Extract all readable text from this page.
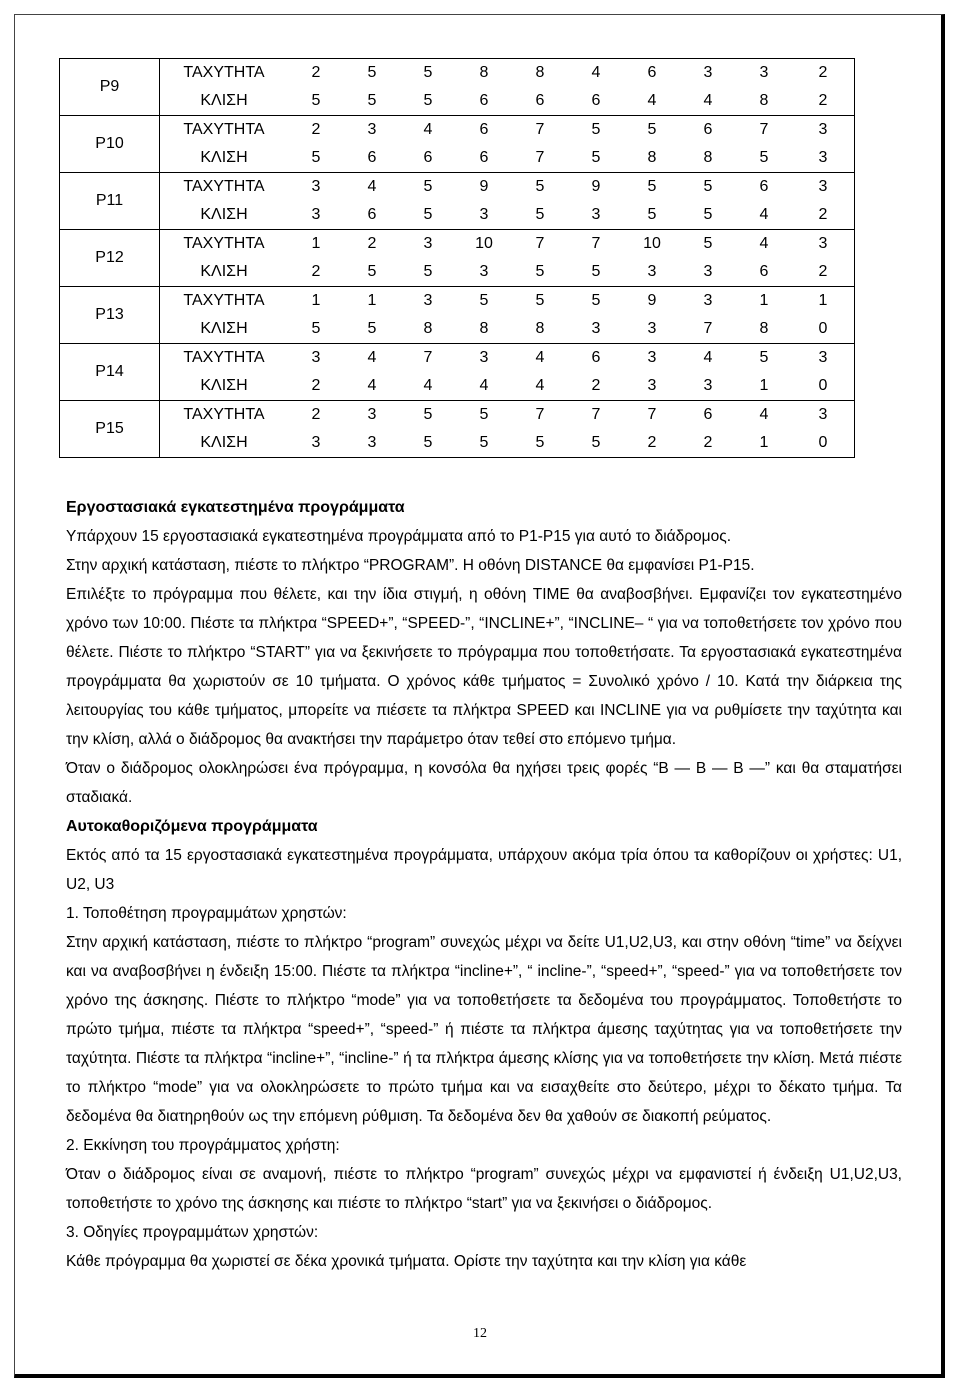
P9	ΤΑΧΥΤΗΤΑ	2	5	5	8	8	4	6	3	3	2
	ΚΛΙΣΗ	5	5	5	6	6	6	4	4	8	2
P10	ΤΑΧΥΤΗΤΑ	2	3	4	6	7	5	5	6	7	3
	ΚΛΙΣΗ	5	6	6	6	7	5	8	8	5	3
P11	ΤΑΧΥΤΗΤΑ	3	4	5	9	5	9	5	5	6	3
	ΚΛΙΣΗ	3	6	5	3	5	3	5	5	4	2
P12	ΤΑΧΥΤΗΤΑ	1	2	3	10	7	7	10	5	4	3
	ΚΛΙΣΗ	2	5	5	3	5	5	3	3	6	2
P13	ΤΑΧΥΤΗΤΑ	1	1	3	5	5	5	9	3	1	1
	ΚΛΙΣΗ	5	5	8	8	8	3	3	7	8	0
P14	ΤΑΧΥΤΗΤΑ	3	4	7	3	4	6	3	4	5	3
	ΚΛΙΣΗ	2	4	4	4	4	2	3	3	1	0
P15	ΤΑΧΥΤΗΤΑ	2	3	5	5	7	7	7	6	4	3
	ΚΛΙΣΗ	3	3	5	5	5	5	2	2	1	0
Εργοστασιακά εγκατεστημένα προγράμματα

Υπάρχουν 15 εργοστασιακά εγκατεστημένα προγράμματα από το P1-P15 για αυτό το διάδρομος.

Στην αρχική κατάσταση, πιέστε το πλήκτρο “PROGRAM”. Η οθόνη DISTANCE θα εμφανίσει P1-P15.

Επιλέξτε το πρόγραμμα που θέλετε, και την ίδια στιγμή, η οθόνη TIME θα αναβοσβήνει. Εμφανίζει τον εγκατεστημένο χρόνο των 10:00. Πιέστε τα πλήκτρα “SPEED+”, “SPEED-”, “INCLINE+”, “INCLINE– “ για να τοποθετήσετε τον χρόνο που θέλετε. Πιέστε το πλήκτρο “START” για να ξεκινήσετε το πρόγραμμα που τοποθετήσατε. Τα εργοστασιακά εγκατεστημένα προγράμματα θα χωριστούν σε 10 τμήματα. Ο χρόνος κάθε τμήματος = Συνολικό χρόνο / 10. Κατά την διάρκεια της λειτουργίας του κάθε τμήματος, μπορείτε να πιέσετε τα πλήκτρα SPEED και INCLINE για να ρυθμίσετε την ταχύτητα και την κλίση, αλλά ο διάδρομος θα ανακτήσει την παράμετρο όταν τεθεί στο επόμενο τμήμα.

Όταν ο διάδρομος ολοκληρώσει ένα πρόγραμμα, η κονσόλα θα ηχήσει τρεις φορές “B — B — B —” και θα σταματήσει σταδιακά.

Αυτοκαθοριζόμενα προγράμματα

Εκτός από τα 15 εργοστασιακά εγκατεστημένα προγράμματα, υπάρχουν ακόμα τρία όπου τα καθορίζουν οι χρήστες: U1, U2, U3

1. Τοποθέτηση προγραμμάτων χρηστών:

Στην αρχική κατάσταση, πιέστε το πλήκτρο “program” συνεχώς μέχρι να δείτε U1,U2,U3, και στην οθόνη “time” να δείχνει και να αναβοσβήνει η ένδειξη 15:00. Πιέστε τα πλήκτρα “incline+”, “ incline-”, “speed+”, “speed-” για να τοποθετήσετε τον χρόνο της άσκησης. Πιέστε το πλήκτρο “mode” για να τοποθετήσετε τα δεδομένα του προγράμματος. Τοποθετήστε το πρώτο τμήμα, πιέστε τα πλήκτρα “speed+”, “speed-” ή πιέστε τα πλήκτρα άμεσης ταχύτητας για να τοποθετήσετε την ταχύτητα. Πιέστε τα πλήκτρα “incline+”, “incline-” ή τα πλήκτρα άμεσης κλίσης για να τοποθετήσετε την κλίση. Μετά πιέστε το πλήκτρο “mode” για να ολοκληρώσετε το πρώτο τμήμα και να εισαχθείτε στο δεύτερο, μέχρι το δέκατο τμήμα. Τα δεδομένα θα διατηρηθούν ως την επόμενη ρύθμιση. Τα δεδομένα δεν θα χαθούν σε διακοπή ρεύματος.

2. Εκκίνηση του προγράμματος χρήστη:

Όταν ο διάδρομος είναι σε αναμονή, πιέστε το πλήκτρο “program” συνεχώς μέχρι να εμφανιστεί ή ένδειξη U1,U2,U3, τοποθετήστε το χρόνο της άσκησης και πιέστε το πλήκτρο “start” για να ξεκινήσει ο διάδρομος.

3. Οδηγίες προγραμμάτων χρηστών:

Κάθε πρόγραμμα θα χωριστεί σε δέκα χρονικά τμήματα. Ορίστε την ταχύτητα και την κλίση για κάθε

12
